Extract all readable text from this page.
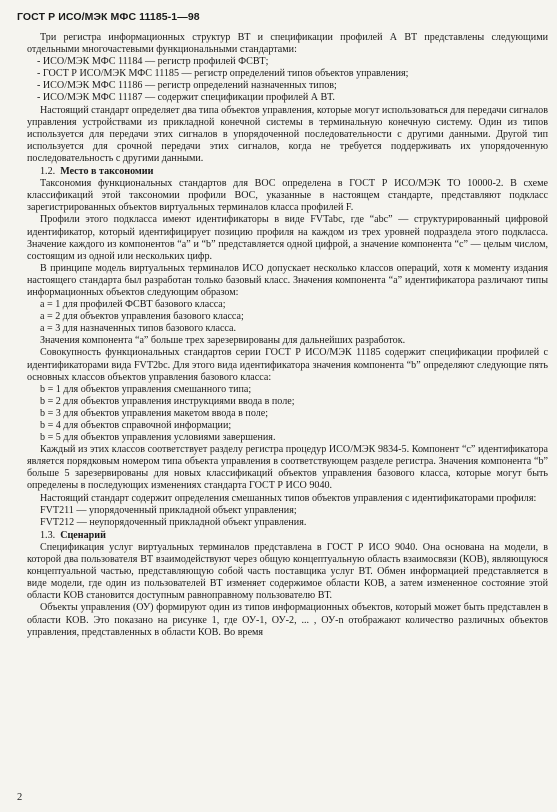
ГОСТ Р ИСО/МЭК МФС 11185-1—98

Три регистра информационных структур ВТ и спецификации профилей А ВТ представлены следующими отдельными многочастевыми функциональными стандартами:

- ИСО/МЭК МФС 11184 — регистр профилей ФСВТ;

- ГОСТ Р ИСО/МЭК МФС 11185 — регистр определений типов объектов управления;

- ИСО/МЭК МФС 11186 — регистр определений назначенных типов;

- ИСО/МЭК МФС 11187 — содержит спецификации профилей А ВТ.

Настоящий стандарт определяет два типа объектов управления, которые могут использоваться для передачи сигналов управления устройствами из прикладной конечной системы в терминальную конечную систему. Один из типов используется для передачи этих сигналов в упорядоченной последовательности с другими данными. Другой тип используется для срочной передачи этих сигналов, когда не требуется поддерживать их упорядоченную последовательность с другими данными.

1.2. Место в таксономии

Таксономия функциональных стандартов для ВОС определена в ГОСТ Р ИСО/МЭК ТО 10000-2. В схеме классификаций этой таксономии профили ВОС, указанные в настоящем стандарте, представляют подкласс зарегистрированных объектов виртуальных терминалов класса профилей F.

Профили этого подкласса имеют идентификаторы в виде FVTabc, где “abc” — структурированный цифровой идентификатор, который идентифицирует позицию профиля на каждом из трех уровней подраздела этого подкласса. Значение каждого из компонентов “a” и “b” представляется одной цифрой, а значение компонента “c” — целым числом, состоящим из одной или нескольких цифр.

В принципе модель виртуальных терминалов ИСО допускает несколько классов операций, хотя к моменту издания настоящего стандарта был разработан только базовый класс. Значения компонента “a” идентификатора различают типы информационных объектов следующим образом:

a = 1 для профилей ФСВТ базового класса;

a = 2 для объектов управления базового класса;

a = 3 для назначенных типов базового класса.

Значения компонента “a” больше трех зарезервированы для дальнейших разработок.

Совокупность функциональных стандартов серии ГОСТ Р ИСО/МЭК 11185 содержит спецификации профилей с идентификаторами вида FVT2bc. Для этого вида идентификатора значения компонента “b” определяют следующие пять основных классов объектов управления базового класса:

b = 1 для объектов управления смешанного типа;

b = 2 для объектов управления инструкциями ввода в поле;

b = 3 для объектов управления макетом ввода в поле;

b = 4 для объектов справочной информации;

b = 5 для объектов управления условиями завершения.

Каждый из этих классов соответствует разделу регистра процедур ИСО/МЭК 9834-5. Компонент “c” идентификатора является порядковым номером типа объекта управления в соответствующем разделе регистра. Значения компонента “b” больше 5 зарезервированы для новых классификаций объектов управления базового класса, которые могут быть определены в последующих изменениях стандарта ГОСТ Р ИСО 9040.

Настоящий стандарт содержит определения смешанных типов объектов управления с идентификаторами профиля:

FVT211 — упорядоченный прикладной объект управления;

FVT212 — неупорядоченный прикладной объект управления.

1.3. Сценарий

Спецификация услуг виртуальных терминалов представлена в ГОСТ Р ИСО 9040. Она основана на модели, в которой два пользователя ВТ взаимодействуют через общую концептуальную область взаимосвязи (КОВ), являющуюся концептуальной частью, представляющую собой часть поставщика услуг ВТ. Обмен информацией представляется в виде модели, где один из пользователей ВТ изменяет содержимое области КОВ, а затем измененное состояние этой области КОВ становится доступным равноправному пользователю ВТ.

Объекты управления (ОУ) формируют один из типов информационных объектов, который может быть представлен в области КОВ. Это показано на рисунке 1, где ОУ-1, ОУ-2, ... , ОУ-n отображают количество различных объектов управления, представленных в области КОВ. Во время

2
